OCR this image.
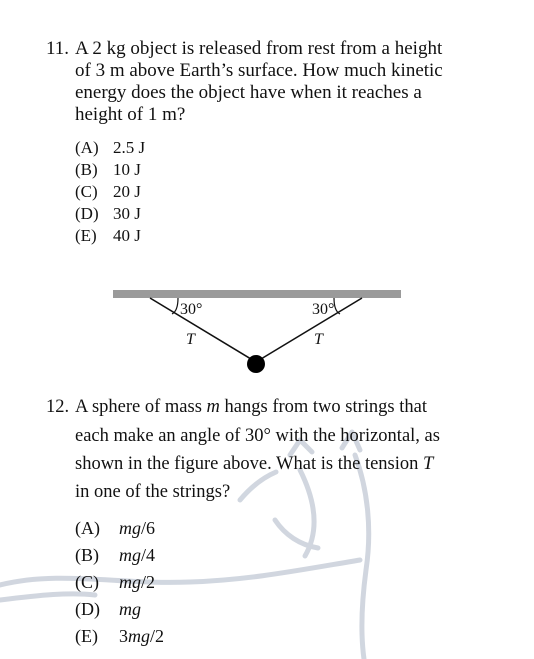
11. A 2 kg object is released from rest from a height
of 3 m above Earth’s surface. How much kinetic
energy does the object have when it reaches a
height of 1 m?
(A) 2.5 J
(B) 10 J
(C) 20 J
(D) 30 J
(E) 40 J
30°	30°
T	T
12. A sphere of mass m hangs from two strings that
each make an angle of 30° with the horizontal, as
shown in the figure above. What is the tension T
in one of the strings?
(A) mg/6
(B) mg/4
(C) mg/2
(D) mg
(E) 3mg/2
